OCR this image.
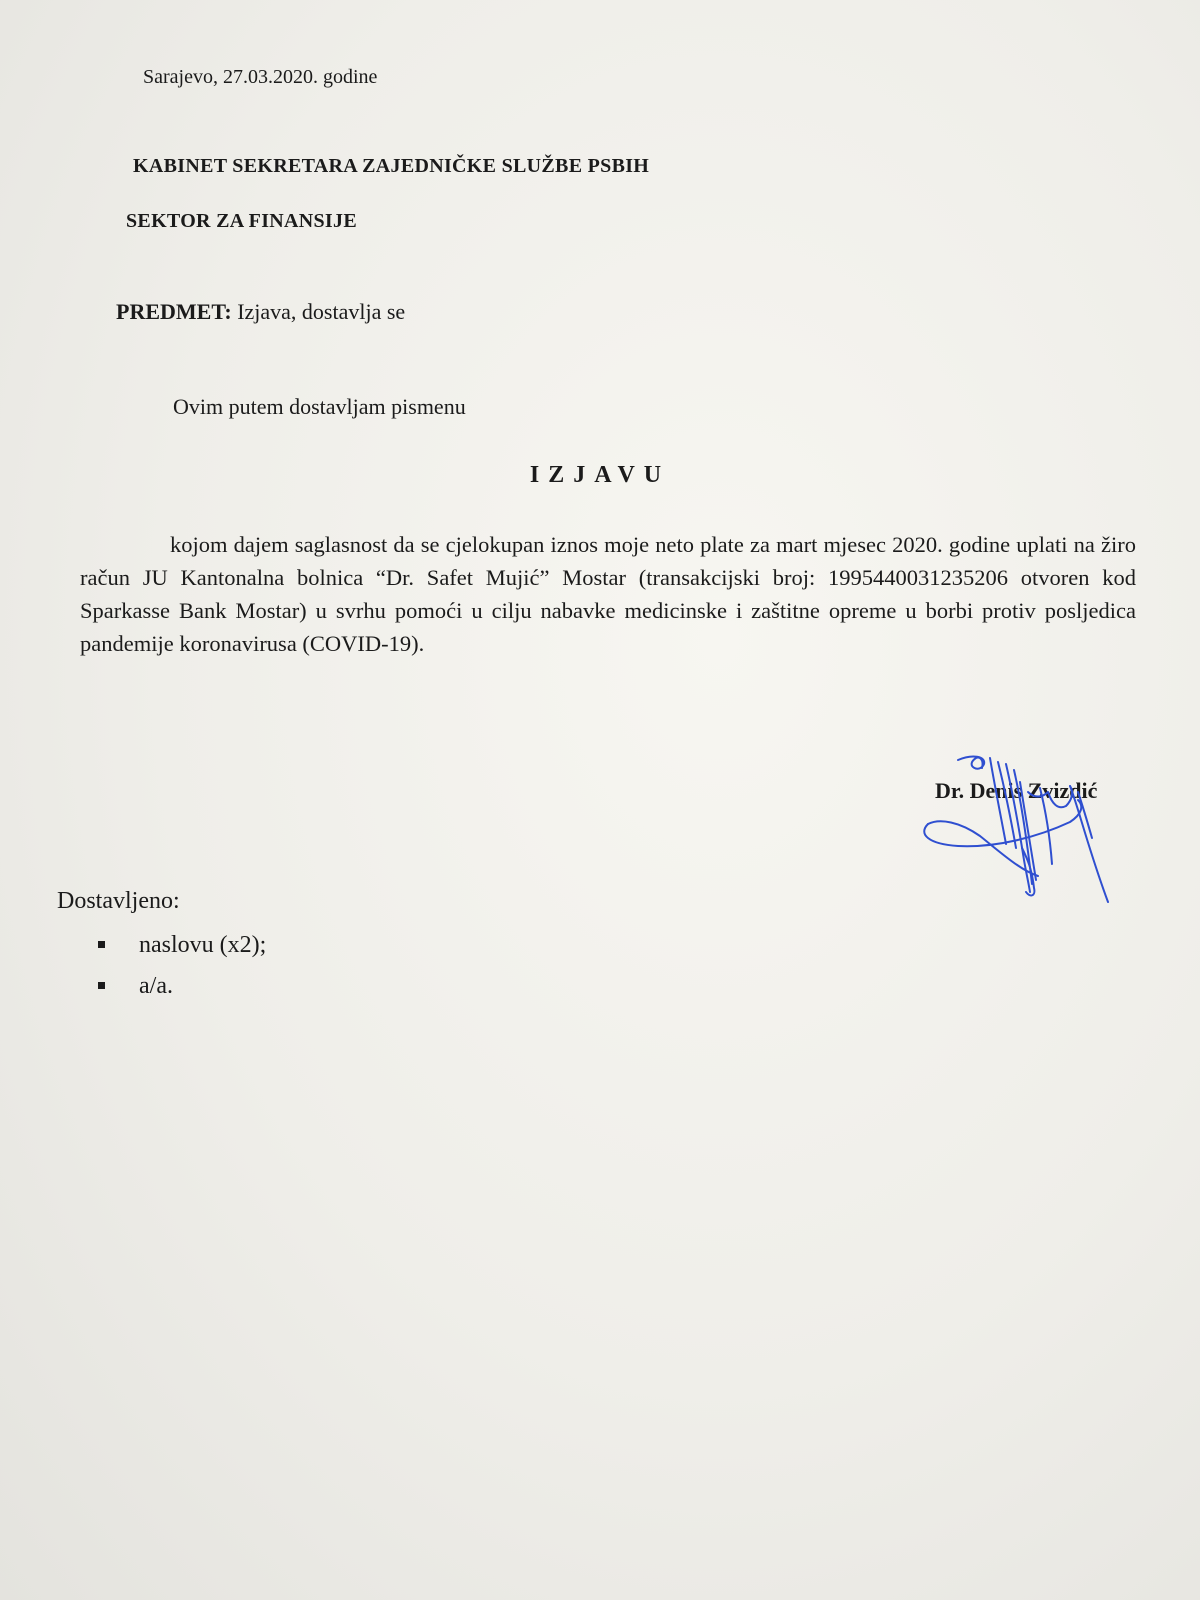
Sarajevo, 27.03.2020. godine
KABINET SEKRETARA ZAJEDNIČKE SLUŽBE PSBIH
SEKTOR ZA FINANSIJE
PREDMET: Izjava, dostavlja se
Ovim putem dostavljam pismenu
IZJAVU
kojom dajem saglasnost da se cjelokupan iznos moje neto plate za mart mjesec 2020. godine uplati na žiro račun JU Kantonalna bolnica “Dr. Safet Mujić” Mostar (transakcijski broj: 1995440031235206 otvoren kod Sparkasse Bank Mostar) u svrhu pomoći u cilju nabavke medicinske i zaštitne opreme u borbi protiv posljedica pandemije koronavirusa (COVID-19).
Dr. Denis Zvizdić
Dostavljeno:
naslovu (x2);
a/a.
